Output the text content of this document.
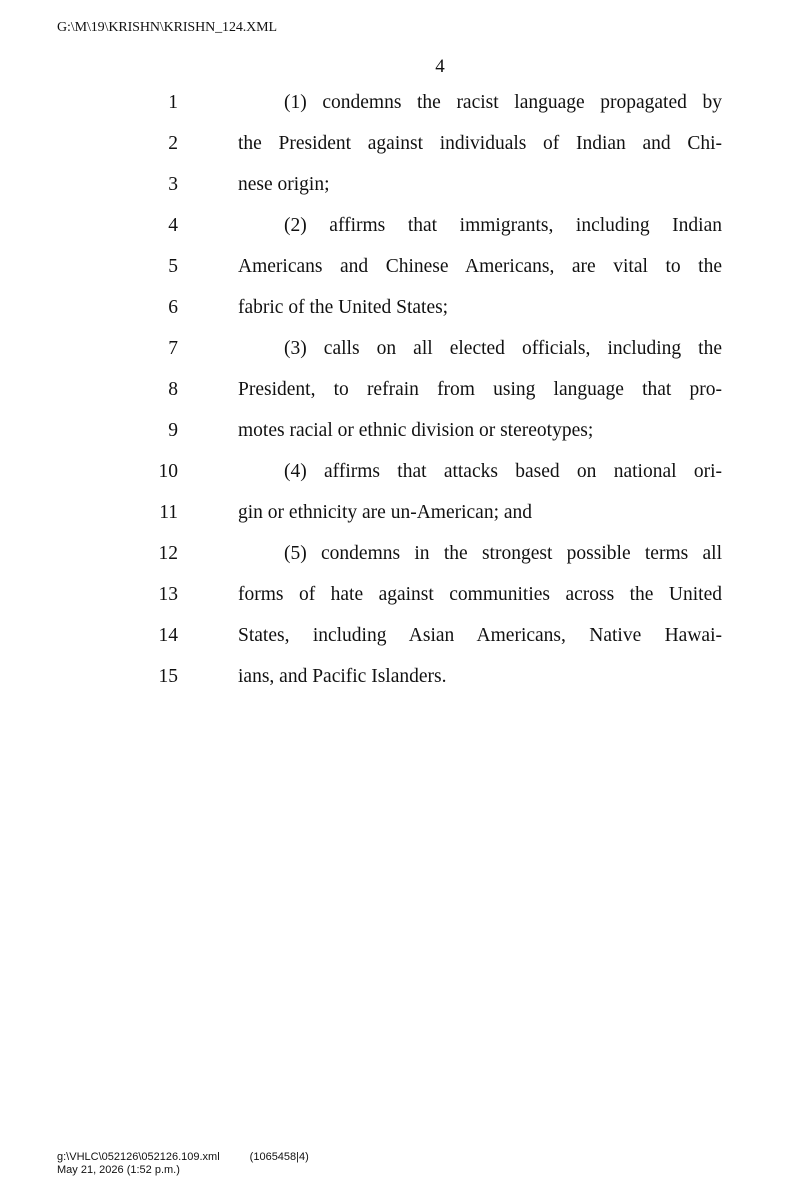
G:\M\19\KRISHN\KRISHN_124.XML
4
1	(1) condemns the racist language propagated by
2	the President against individuals of Indian and Chi-
3	nese origin;
4	(2) affirms that immigrants, including Indian
5	Americans and Chinese Americans, are vital to the
6	fabric of the United States;
7	(3) calls on all elected officials, including the
8	President, to refrain from using language that pro-
9	motes racial or ethnic division or stereotypes;
10	(4) affirms that attacks based on national ori-
11	gin or ethnicity are un-American; and
12	(5) condemns in the strongest possible terms all
13	forms of hate against communities across the United
14	States, including Asian Americans, Native Hawai-
15	ians, and Pacific Islanders.
g:\VHLC\052126\052126.109.xml	(1065458|4)
May 21, 2026 (1:52 p.m.)
